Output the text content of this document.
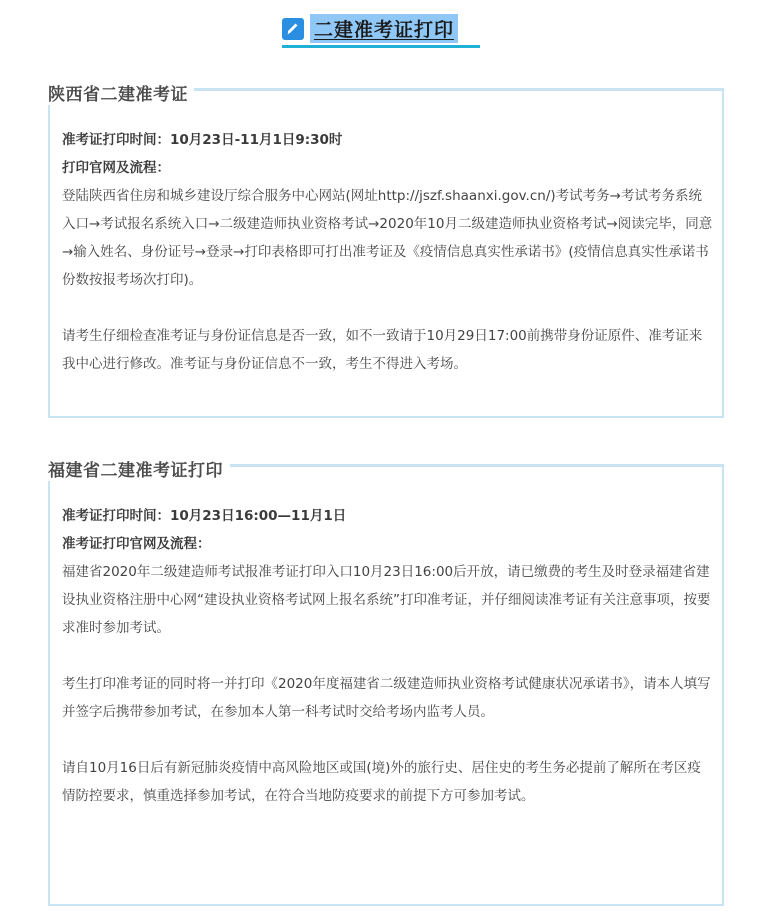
二建准考证打印
陕西省二建准考证

准考证打印时间：10月23日-11月1日9:30时

打印官网及流程：
登陆陕西省住房和城乡建设厅综合服务中心网站(网址http://jszf.shaanxi.gov.cn/)考试考务→考试考务系统入口→考试报名系统入口→二级建造师执业资格考试→2020年10月二级建造师执业资格考试→阅读完毕，同意→输入姓名、身份证号→登录→打印表格即可打出准考证及《疫情信息真实性承诺书》(疫情信息真实性承诺书份数按报考场次打印)。

请考生仔细检查准考证与身份证信息是否一致，如不一致请于10月29日17:00前携带身份证原件、准考证来我中心进行修改。准考证与身份证信息不一致，考生不得进入考场。

福建省二建准考证打印

准考证打印时间：10月23日16:00—11月1日

准考证打印官网及流程：
福建省2020年二级建造师考试报准考证打印入口10月23日16:00后开放，请已缴费的考生及时登录福建省建设执业资格注册中心网“建设执业资格考试网上报名系统”打印准考证，并仔细阅读准考证有关注意事项，按要求准时参加考试。

考生打印准考证的同时将一并打印《2020年度福建省二级建造师执业资格考试健康状况承诺书》，请本人填写并签字后携带参加考试，在参加本人第一科考试时交给考场内监考人员。

请自10月16日后有新冠肺炎疫情中高风险地区或国(境)外的旅行史、居住史的考生务必提前了解所在考区疫情防控要求，慎重选择参加考试，在符合当地防疫要求的前提下方可参加考试。
